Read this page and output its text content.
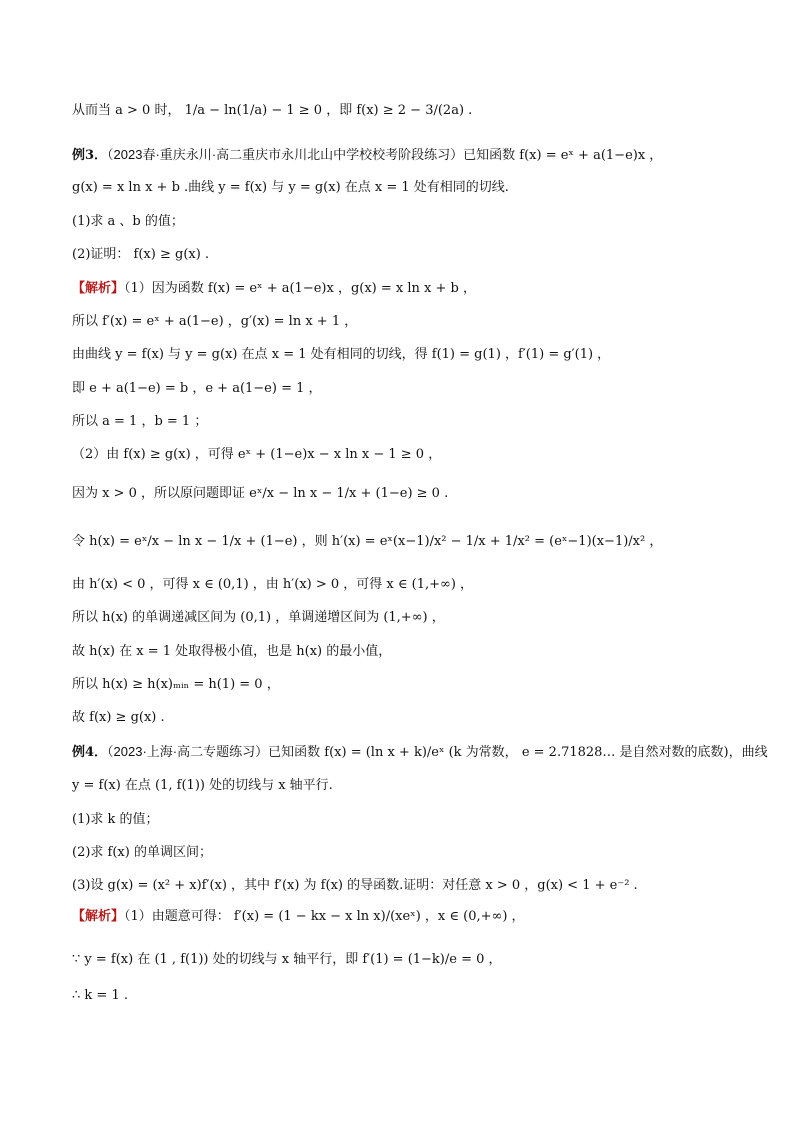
从而当 a > 0 时， 1/a − ln(1/a) − 1 ≥ 0 ，即 f(x) ≥ 2 − 3/(2a) .
例3．（2023春·重庆永川·高二重庆市永川北山中学校校考阶段练习）已知函数 f(x) = eˣ + a(1−e)x ，
g(x) = x ln x + b .曲线 y = f(x) 与 y = g(x) 在点 x = 1 处有相同的切线.
(1)求 a 、b 的值；
(2)证明： f(x) ≥ g(x) .
【解析】（1）因为函数 f(x) = eˣ + a(1−e)x ，g(x) = x ln x + b ，
所以 f′(x) = eˣ + a(1−e) ，g′(x) = ln x + 1 ，
由曲线 y = f(x) 与 y = g(x) 在点 x = 1 处有相同的切线，得 f(1) = g(1) ，f′(1) = g′(1) ，
即 e + a(1−e) = b ，e + a(1−e) = 1 ，
所以 a = 1 ，b = 1 ；
（2）由 f(x) ≥ g(x) ，可得 eˣ + (1−e)x − x ln x − 1 ≥ 0 ，
因为 x > 0 ，所以原问题即证 eˣ/x − ln x − 1/x + (1−e) ≥ 0 .
令 h(x) = eˣ/x − ln x − 1/x + (1−e) ，则 h′(x) = eˣ(x−1)/x² − 1/x + 1/x² = (eˣ−1)(x−1)/x² ，
由 h′(x) < 0 ，可得 x ∈ (0,1) ，由 h′(x) > 0 ，可得 x ∈ (1,+∞) ，
所以 h(x) 的单调递减区间为 (0,1) ，单调递增区间为 (1,+∞) ，
故 h(x) 在 x = 1 处取得极小值，也是 h(x) 的最小值，
所以 h(x) ≥ h(x)ₘᵢₙ = h(1) = 0 ，
故 f(x) ≥ g(x) .
例4．（2023·上海·高二专题练习）已知函数 f(x) = (ln x + k)/eˣ (k 为常数， e = 2.71828… 是自然对数的底数)，曲线
y = f(x) 在点 (1, f(1)) 处的切线与 x 轴平行.
(1)求 k 的值；
(2)求 f(x) 的单调区间；
(3)设 g(x) = (x² + x)f′(x) ，其中 f′(x) 为 f(x) 的导函数.证明：对任意 x > 0 ，g(x) < 1 + e⁻² .
【解析】（1）由题意可得： f′(x) = (1 − kx − x ln x)/(xeˣ) ，x ∈ (0,+∞) ，
∵ y = f(x) 在 (1 , f(1)) 处的切线与 x 轴平行，即 f′(1) = (1−k)/e = 0 ，
∴ k = 1 .
